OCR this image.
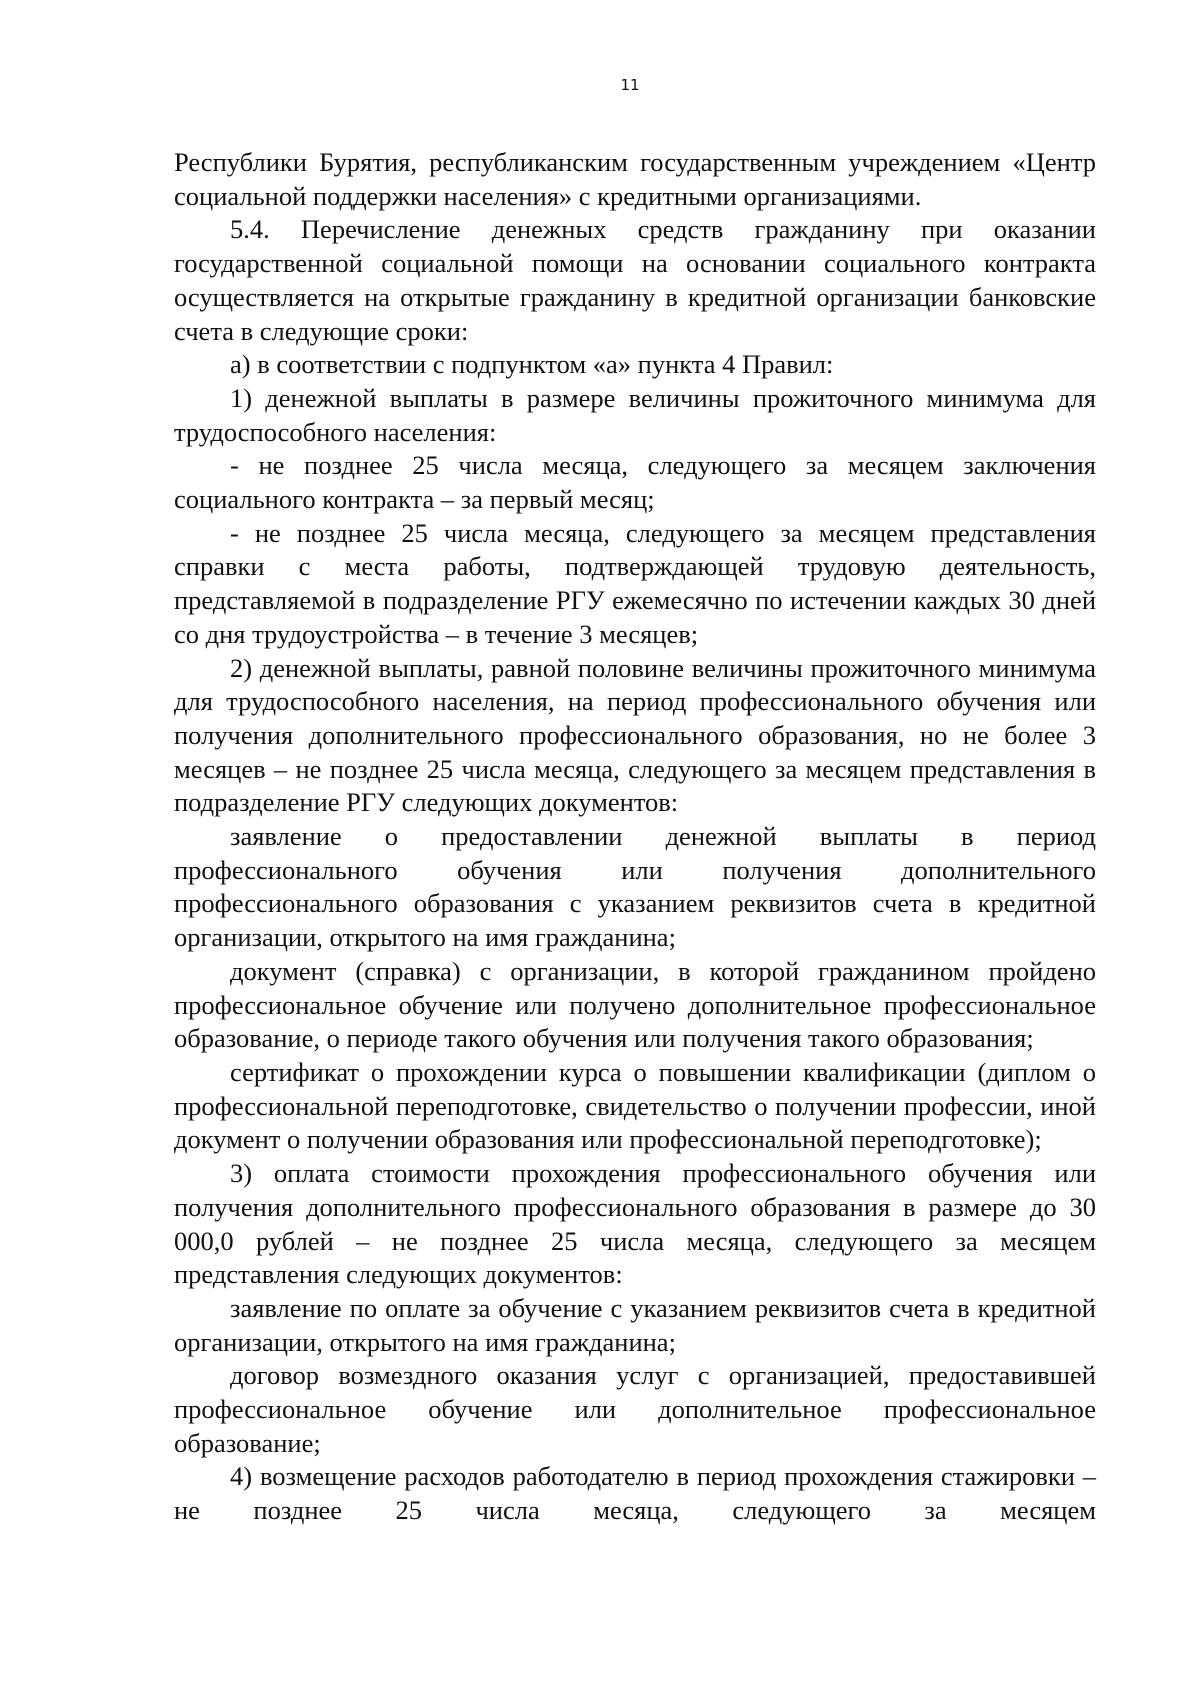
11

Республики Бурятия, республиканским государственным учреждением «Центр социальной поддержки населения» с кредитными организациями.

5.4. Перечисление денежных средств гражданину при оказании государственной социальной помощи на основании социального контракта осуществляется на открытые гражданину в кредитной организации банковские счета в следующие сроки:

а) в соответствии с подпунктом «а» пункта 4 Правил:

1) денежной выплаты в размере величины прожиточного минимума для трудоспособного населения:

- не позднее 25 числа месяца, следующего за месяцем заключения социального контракта – за первый месяц;

- не позднее 25 числа месяца, следующего за месяцем представления справки с места работы, подтверждающей трудовую деятельность, представляемой в подразделение РГУ ежемесячно по истечении каждых 30 дней со дня трудоустройства – в течение 3 месяцев;

2) денежной выплаты, равной половине величины прожиточного минимума для трудоспособного населения, на период профессионального обучения или получения дополнительного профессионального образования, но не более 3 месяцев – не позднее 25 числа месяца, следующего за месяцем представления в подразделение РГУ следующих документов:

заявление о предоставлении денежной выплаты в период профессионального обучения или получения дополнительного профессионального образования с указанием реквизитов счета в кредитной организации, открытого на имя гражданина;

документ (справка) с организации, в которой гражданином пройдено профессиональное обучение или получено дополнительное профессиональное образование, о периоде такого обучения или получения такого образования;

сертификат о прохождении курса о повышении квалификации (диплом о профессиональной переподготовке, свидетельство о получении профессии, иной документ о получении образования или профессиональной переподготовке);

3) оплата стоимости прохождения профессионального обучения или получения дополнительного профессионального образования в размере до 30 000,0 рублей – не позднее 25 числа месяца, следующего за месяцем представления следующих документов:

заявление по оплате за обучение с указанием реквизитов счета в кредитной организации, открытого на имя гражданина;

договор возмездного оказания услуг с организацией, предоставившей профессиональное обучение или дополнительное профессиональное образование;

4) возмещение расходов работодателю в период прохождения стажировки – не позднее 25 числа месяца, следующего за месяцем
